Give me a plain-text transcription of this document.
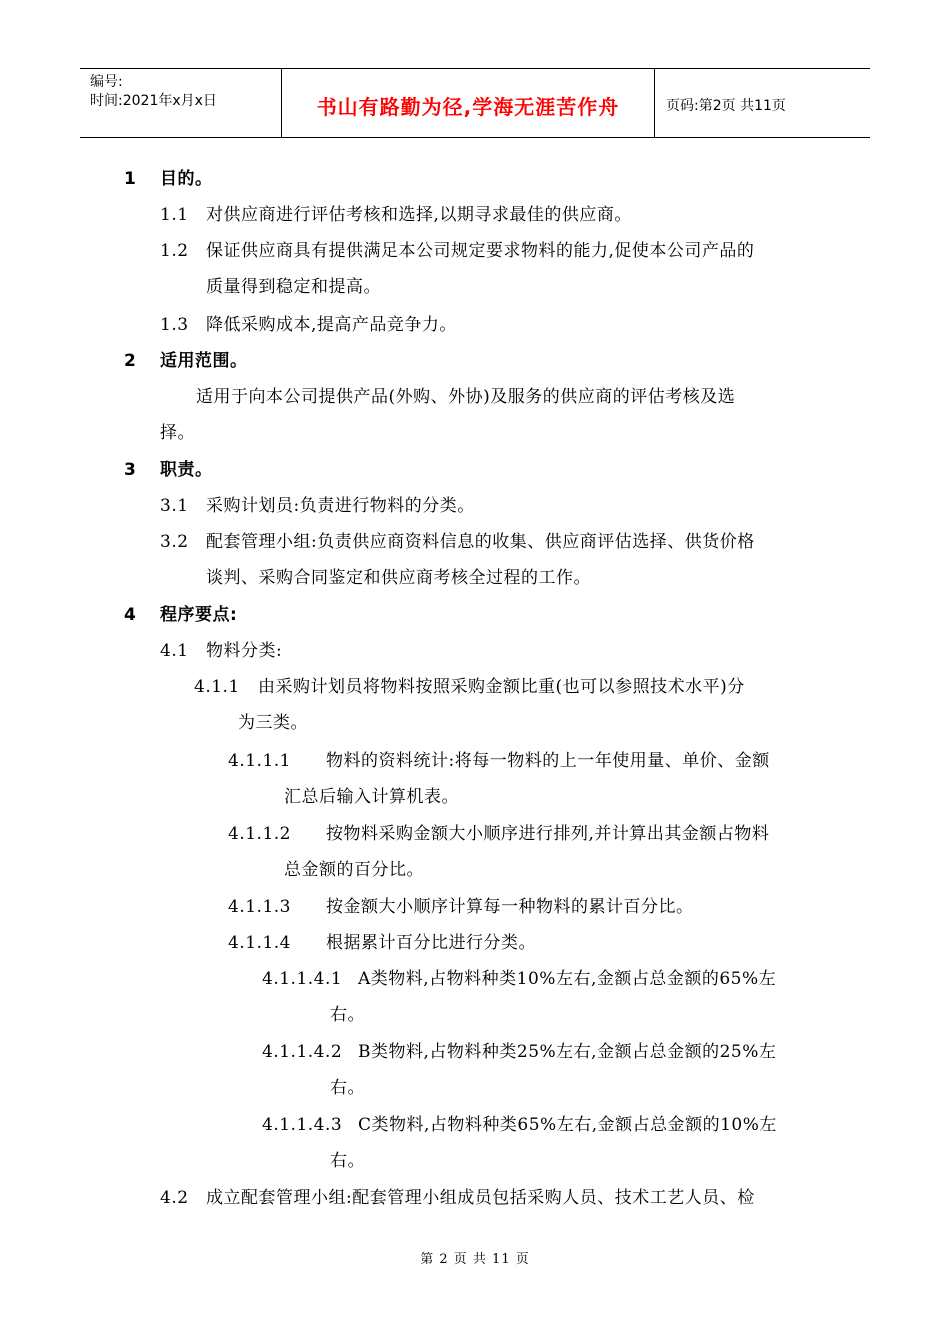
编号:
时间:2021年x月x日	书山有路勤为径,学海无涯苦作舟	页码:第2页 共11页
1 目的。
1.1 对供应商进行评估考核和选择,以期寻求最佳的供应商。
1.2 保证供应商具有提供满足本公司规定要求物料的能力,促使本公司产品的
质量得到稳定和提高。
1.3 降低采购成本,提高产品竞争力。
2 适用范围。
适用于向本公司提供产品(外购、外协)及服务的供应商的评估考核及选
择。
3 职责。
3.1 采购计划员:负责进行物料的分类。
3.2 配套管理小组:负责供应商资料信息的收集、供应商评估选择、供货价格
谈判、采购合同鉴定和供应商考核全过程的工作。
4 程序要点:
4.1 物料分类:
4.1.1 由采购计划员将物料按照采购金额比重(也可以参照技术水平)分
为三类。
4.1.1.1 物料的资料统计:将每一物料的上一年使用量、单价、金额
汇总后输入计算机表。
4.1.1.2 按物料采购金额大小顺序进行排列,并计算出其金额占物料
总金额的百分比。
4.1.1.3 按金额大小顺序计算每一种物料的累计百分比。
4.1.1.4 根据累计百分比进行分类。
4.1.1.4.1 A类物料,占物料种类10%左右,金额占总金额的65%左
右。
4.1.1.4.2 B类物料,占物料种类25%左右,金额占总金额的25%左
右。
4.1.1.4.3 C类物料,占物料种类65%左右,金额占总金额的10%左
右。
4.2 成立配套管理小组:配套管理小组成员包括采购人员、技术工艺人员、检
第 2 页 共 11 页
